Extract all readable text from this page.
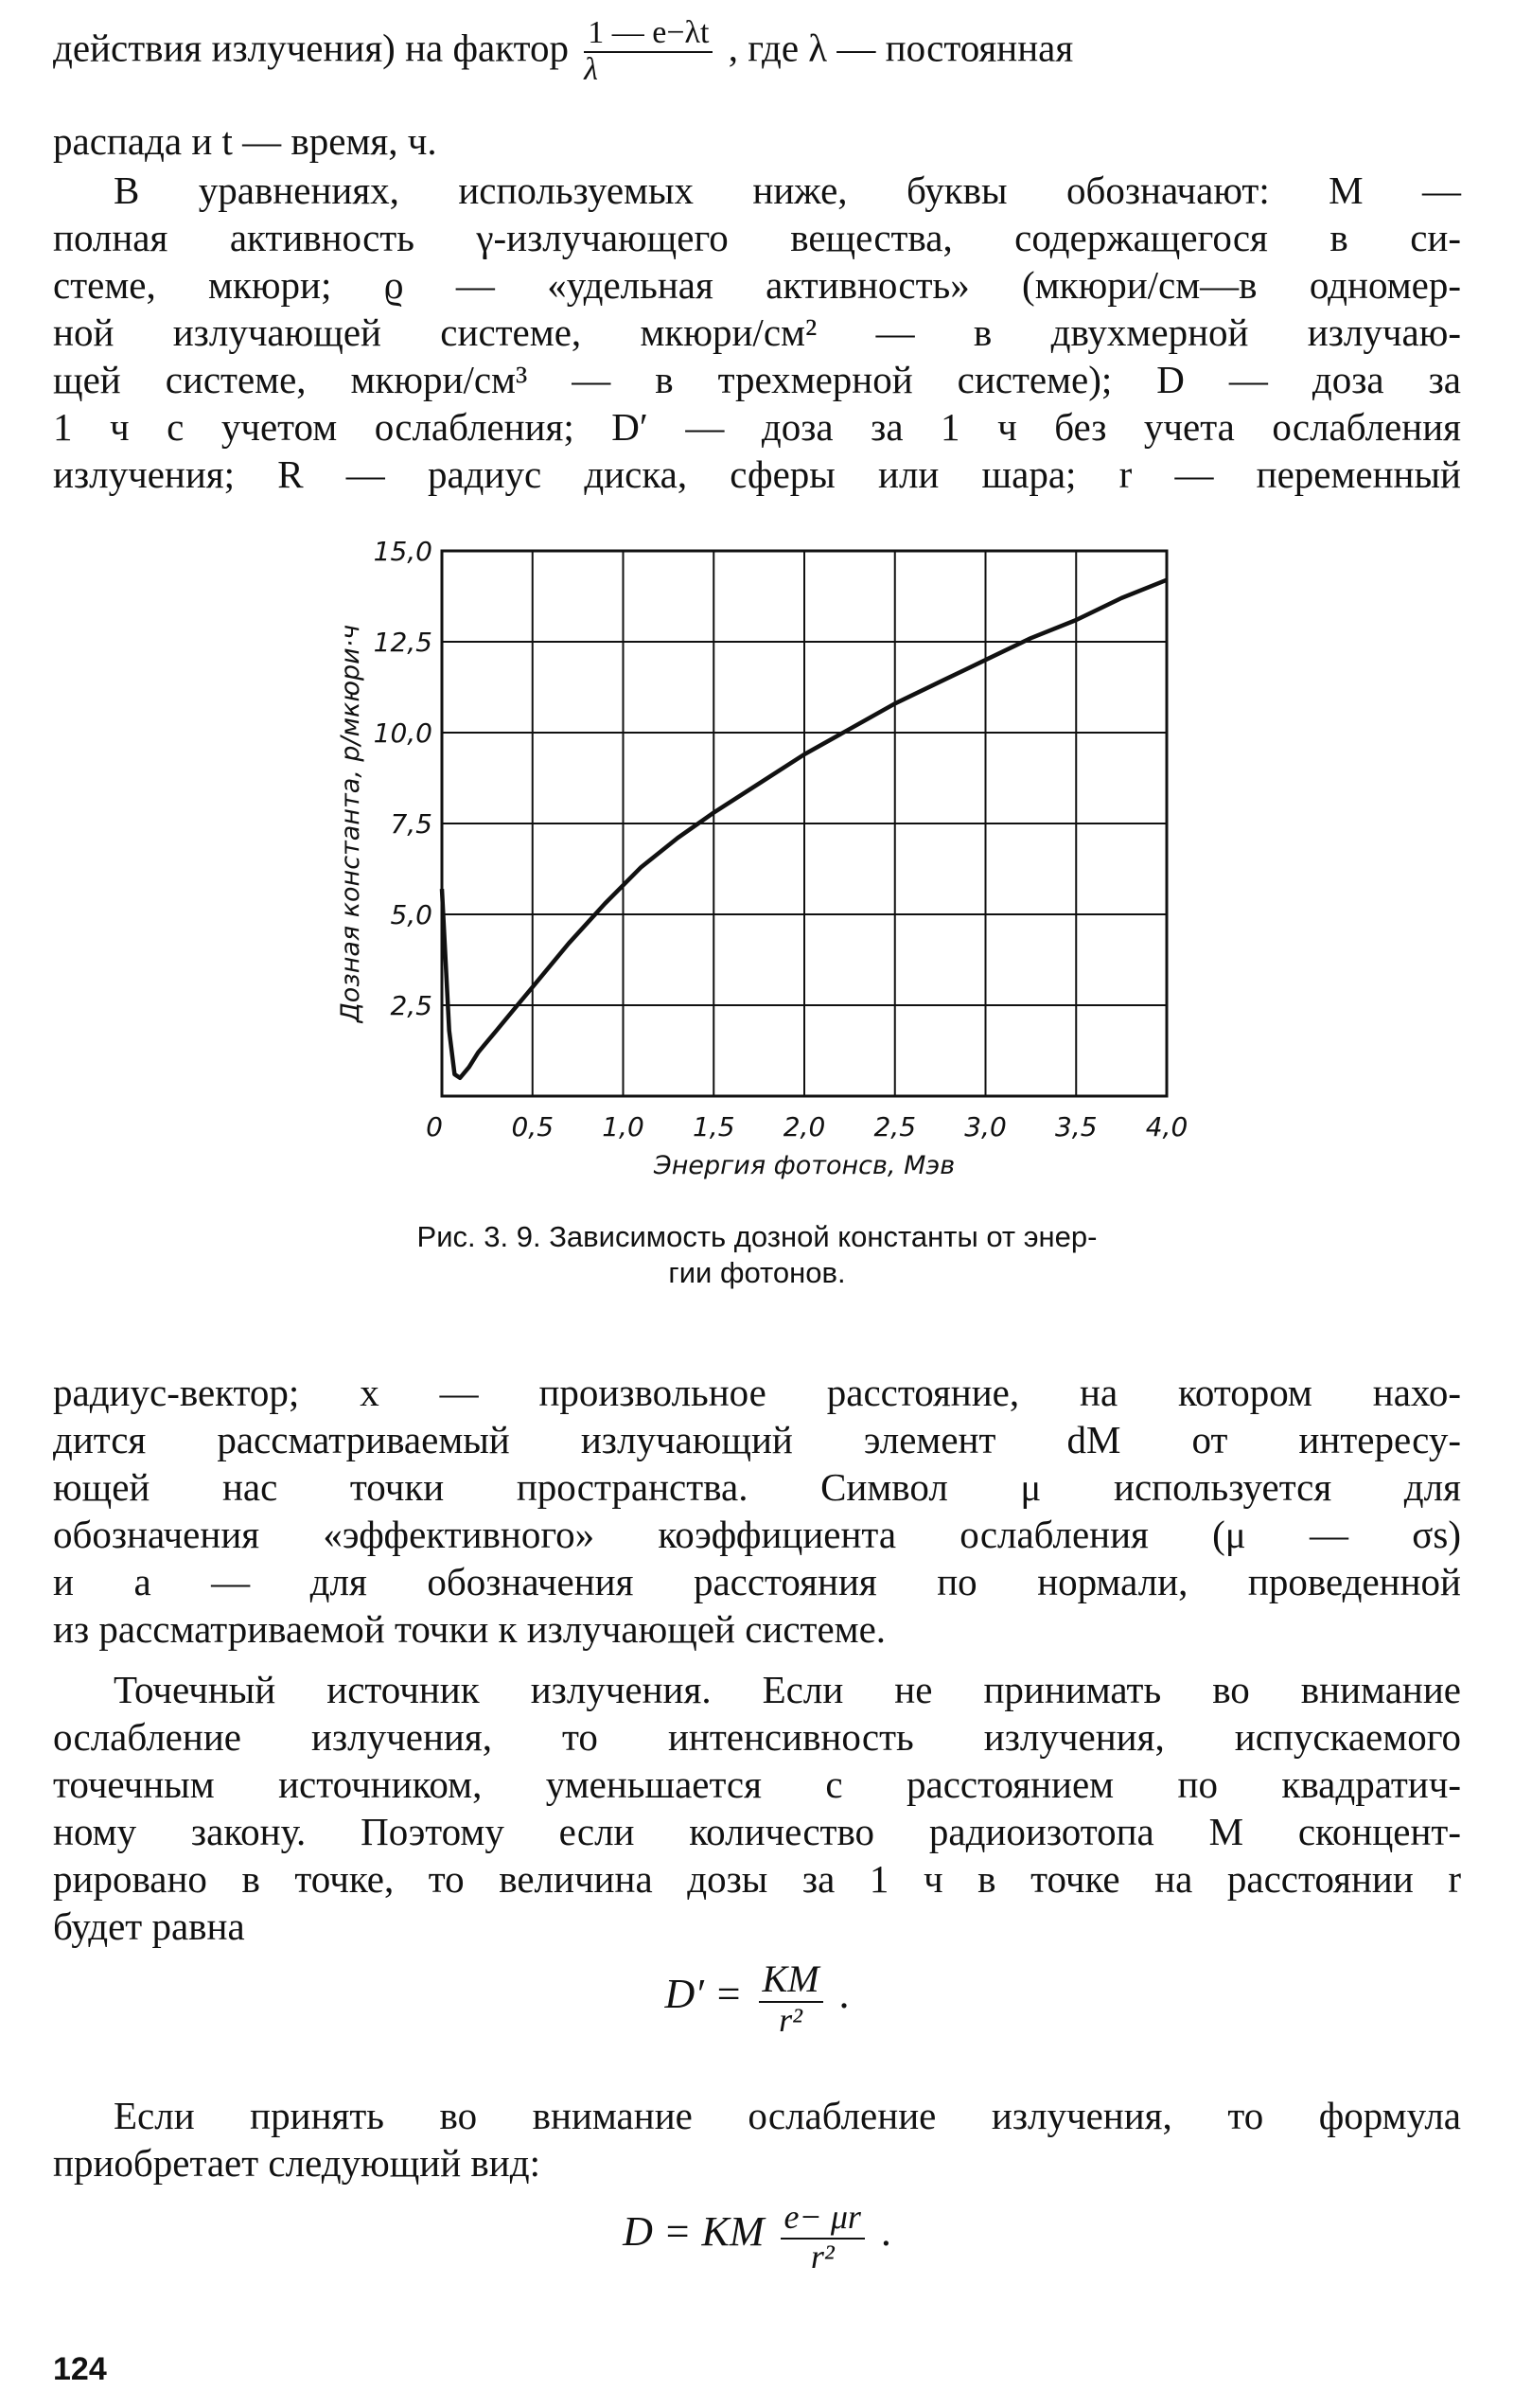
действия излучения) на фактор $\frac{1 — e-\lambda t}{\lambda}$ , где λ — постоянная
распада и t — время, ч.
В уравнениях, используемых ниже, буквы обозначают: M —
полная активность γ-излучающего вещества, содержащегося в си-
стеме, мкюри; ϱ — «удельная активность» (мкюри/см—в одномер-
ной излучающей системе, мкюри/см² — в двухмерной излучаю-
щей системе, мкюри/см³ — в трехмерной системе); D — доза за
1 ч с учетом ослабления; D′ — доза за 1 ч без учета ослабления
излучения; R — радиус диска, сферы или шара; r — переменный
2,5
5,0
7,5
10,0
12,5
15,0
0	0,5 1,0 1,5 2,0 2,5 3,0 3,5 4,0
Дозная константа, р/мкюри·ч
Энергия фотонсв, Мэв
Рис. 3. 9. Зависимость дозной константы от энер-
гии фотонов.
радиус-вектор; x — произвольное расстояние, на котором нахо-
дится рассматриваемый излучающий элемент dM от интересу-
ющей нас точки пространства. Символ μ используется для
обозначения «эффективного» коэффициента ослабления (μ — σs)
и a — для обозначения расстояния по нормали, проведенной
из рассматриваемой точки к излучающей системе.
Точечный источник излучения. Если не принимать во внимание
ослабление излучения, то интенсивность излучения, испускаемого
точечным источником, уменьшается с расстоянием по квадратич-
ному закону. Поэтому если количество радиоизотопа M сконцент-
рировано в точке, то величина дозы за 1 ч в точке на расстоянии r
будет равна
$D' = \frac{KM}{\text{r²}}$ .
Если принять во внимание ослабление излучения, то формула
приобретает следующий вид:
D = KM $\frac{e- \mu r}{\text{r²}}$ .
124
